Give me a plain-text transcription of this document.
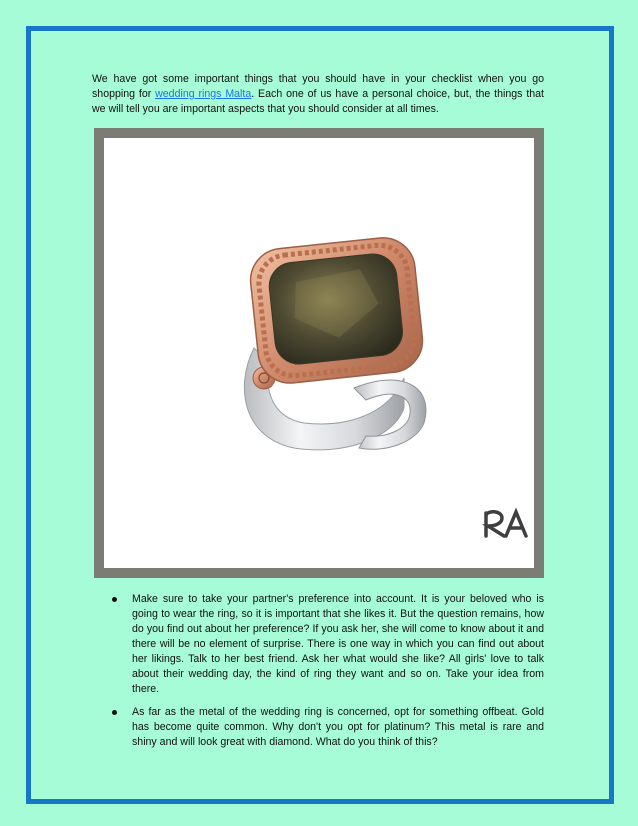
We have got some important things that you should have in your checklist when you go shopping for wedding rings Malta. Each one of us have a personal choice, but, the things that we will tell you are important aspects that you should consider at all times.

Make sure to take your partner's preference into account. It is your beloved who is going to wear the ring, so it is important that she likes it. But the question remains, how do you find out about her preference? If you ask her, she will come to know about it and there will be no element of surprise. There is one way in which you can find out about her likings. Talk to her best friend. Ask her what would she like? All girls' love to talk about their wedding day, the kind of ring they want and so on. Take your idea from there.
As far as the metal of the wedding ring is concerned, opt for something offbeat. Gold has become quite common. Why don't you opt for platinum? This metal is rare and shiny and will look great with diamond. What do you think of this?
